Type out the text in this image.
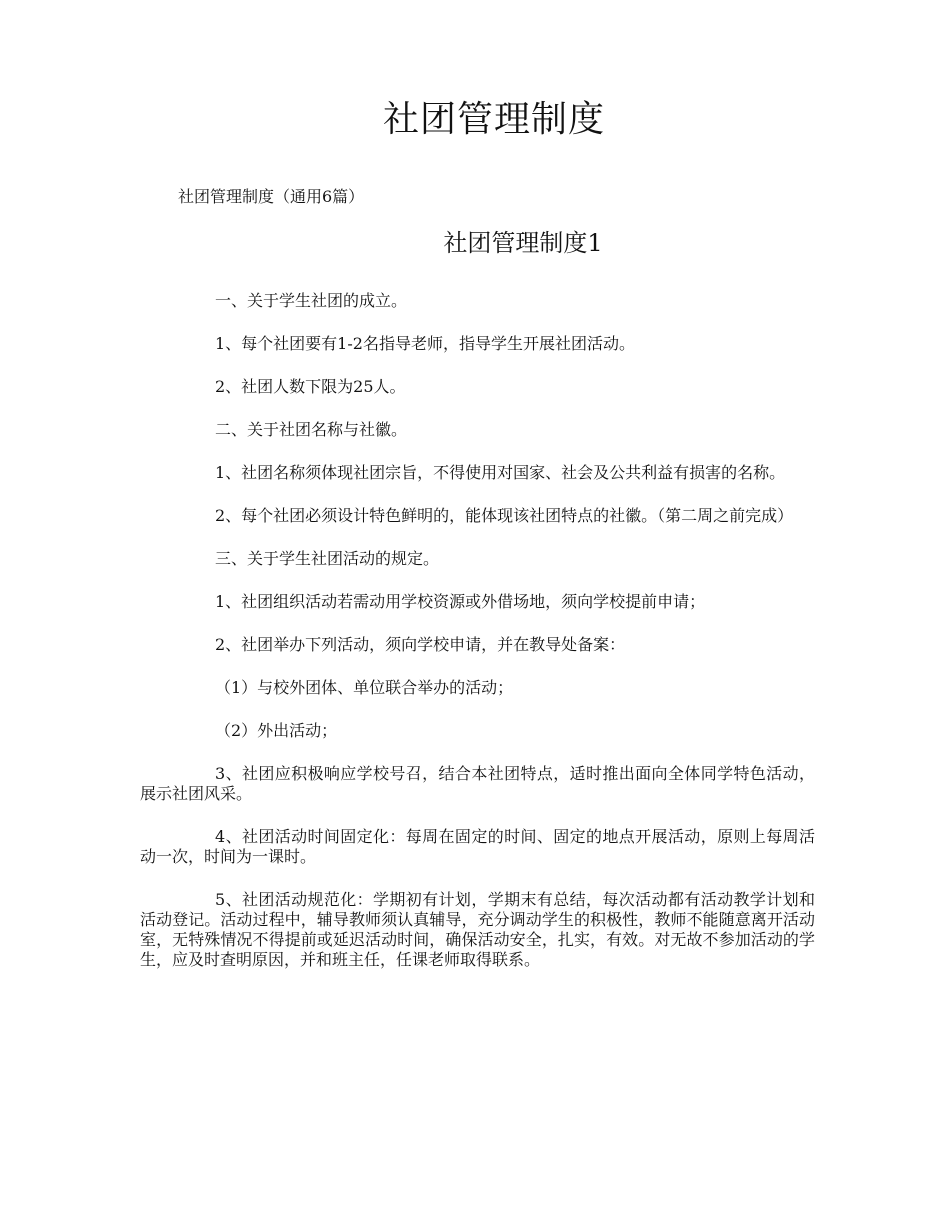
社团管理制度
社团管理制度（通用6篇）
社团管理制度1

一、关于学生社团的成立。

1、每个社团要有1-2名指导老师，指导学生开展社团活动。

2、社团人数下限为25人。

二、关于社团名称与社徽。

1、社团名称须体现社团宗旨，不得使用对国家、社会及公共利益有损害的名称。

2、每个社团必须设计特色鲜明的，能体现该社团特点的社徽。（第二周之前完成）

三、关于学生社团活动的规定。

1、社团组织活动若需动用学校资源或外借场地，须向学校提前申请；

2、社团举办下列活动，须向学校申请，并在教导处备案：

（1）与校外团体、单位联合举办的活动；

（2）外出活动；

3、社团应积极响应学校号召，结合本社团特点，适时推出面向全体同学特色活动，展示社团风采。

4、社团活动时间固定化：每周在固定的时间、固定的地点开展活动，原则上每周活动一次，时间为一课时。

5、社团活动规范化：学期初有计划，学期末有总结，每次活动都有活动教学计划和活动登记。活动过程中，辅导教师须认真辅导，充分调动学生的积极性，教师不能随意离开活动室，无特殊情况不得提前或延迟活动时间，确保活动安全，扎实，有效。对无故不参加活动的学生，应及时查明原因，并和班主任，任课老师取得联系。
